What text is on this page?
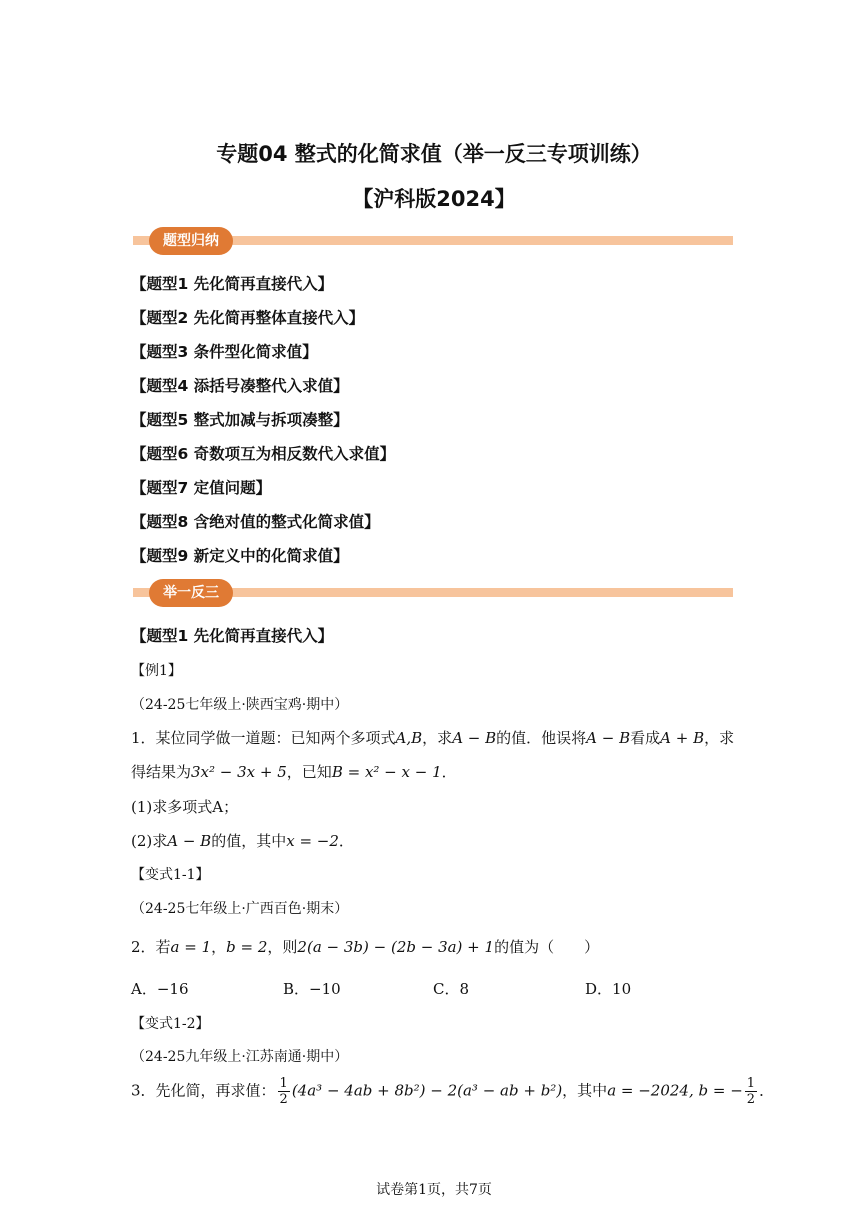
专题04 整式的化简求值（举一反三专项训练）
【沪科版2024】
题型归纳
【题型1 先化简再直接代入】
【题型2 先化简再整体直接代入】
【题型3 条件型化简求值】
【题型4 添括号凑整代入求值】
【题型5 整式加减与拆项凑整】
【题型6 奇数项互为相反数代入求值】
【题型7 定值问题】
【题型8 含绝对值的整式化简求值】
【题型9 新定义中的化简求值】
举一反三
【题型1 先化简再直接代入】
【例1】
（24-25七年级上·陕西宝鸡·期中）
1．某位同学做一道题：已知两个多项式A,B，求A − B的值．他误将A − B看成A + B，求
得结果为3x² − 3x + 5，已知B = x² − x − 1．
(1)求多项式A；
(2)求A − B的值，其中x = −2．
【变式1-1】
（24-25七年级上·广西百色·期末）
2．若a = 1，b = 2，则2(a − 3b) − (2b − 3a) + 1的值为（　　）
A．−16	B．−10	C．8	D．10
【变式1-2】
（24-25九年级上·江苏南通·期中）
3．先化简，再求值： $\frac{1}{2} (4a^3 - 4ab + 8b^2) - 2(a^3$ − ab + b²)，其中a = −2024, b = − $\frac{1}{2}$ ．
试卷第1页，共7页
